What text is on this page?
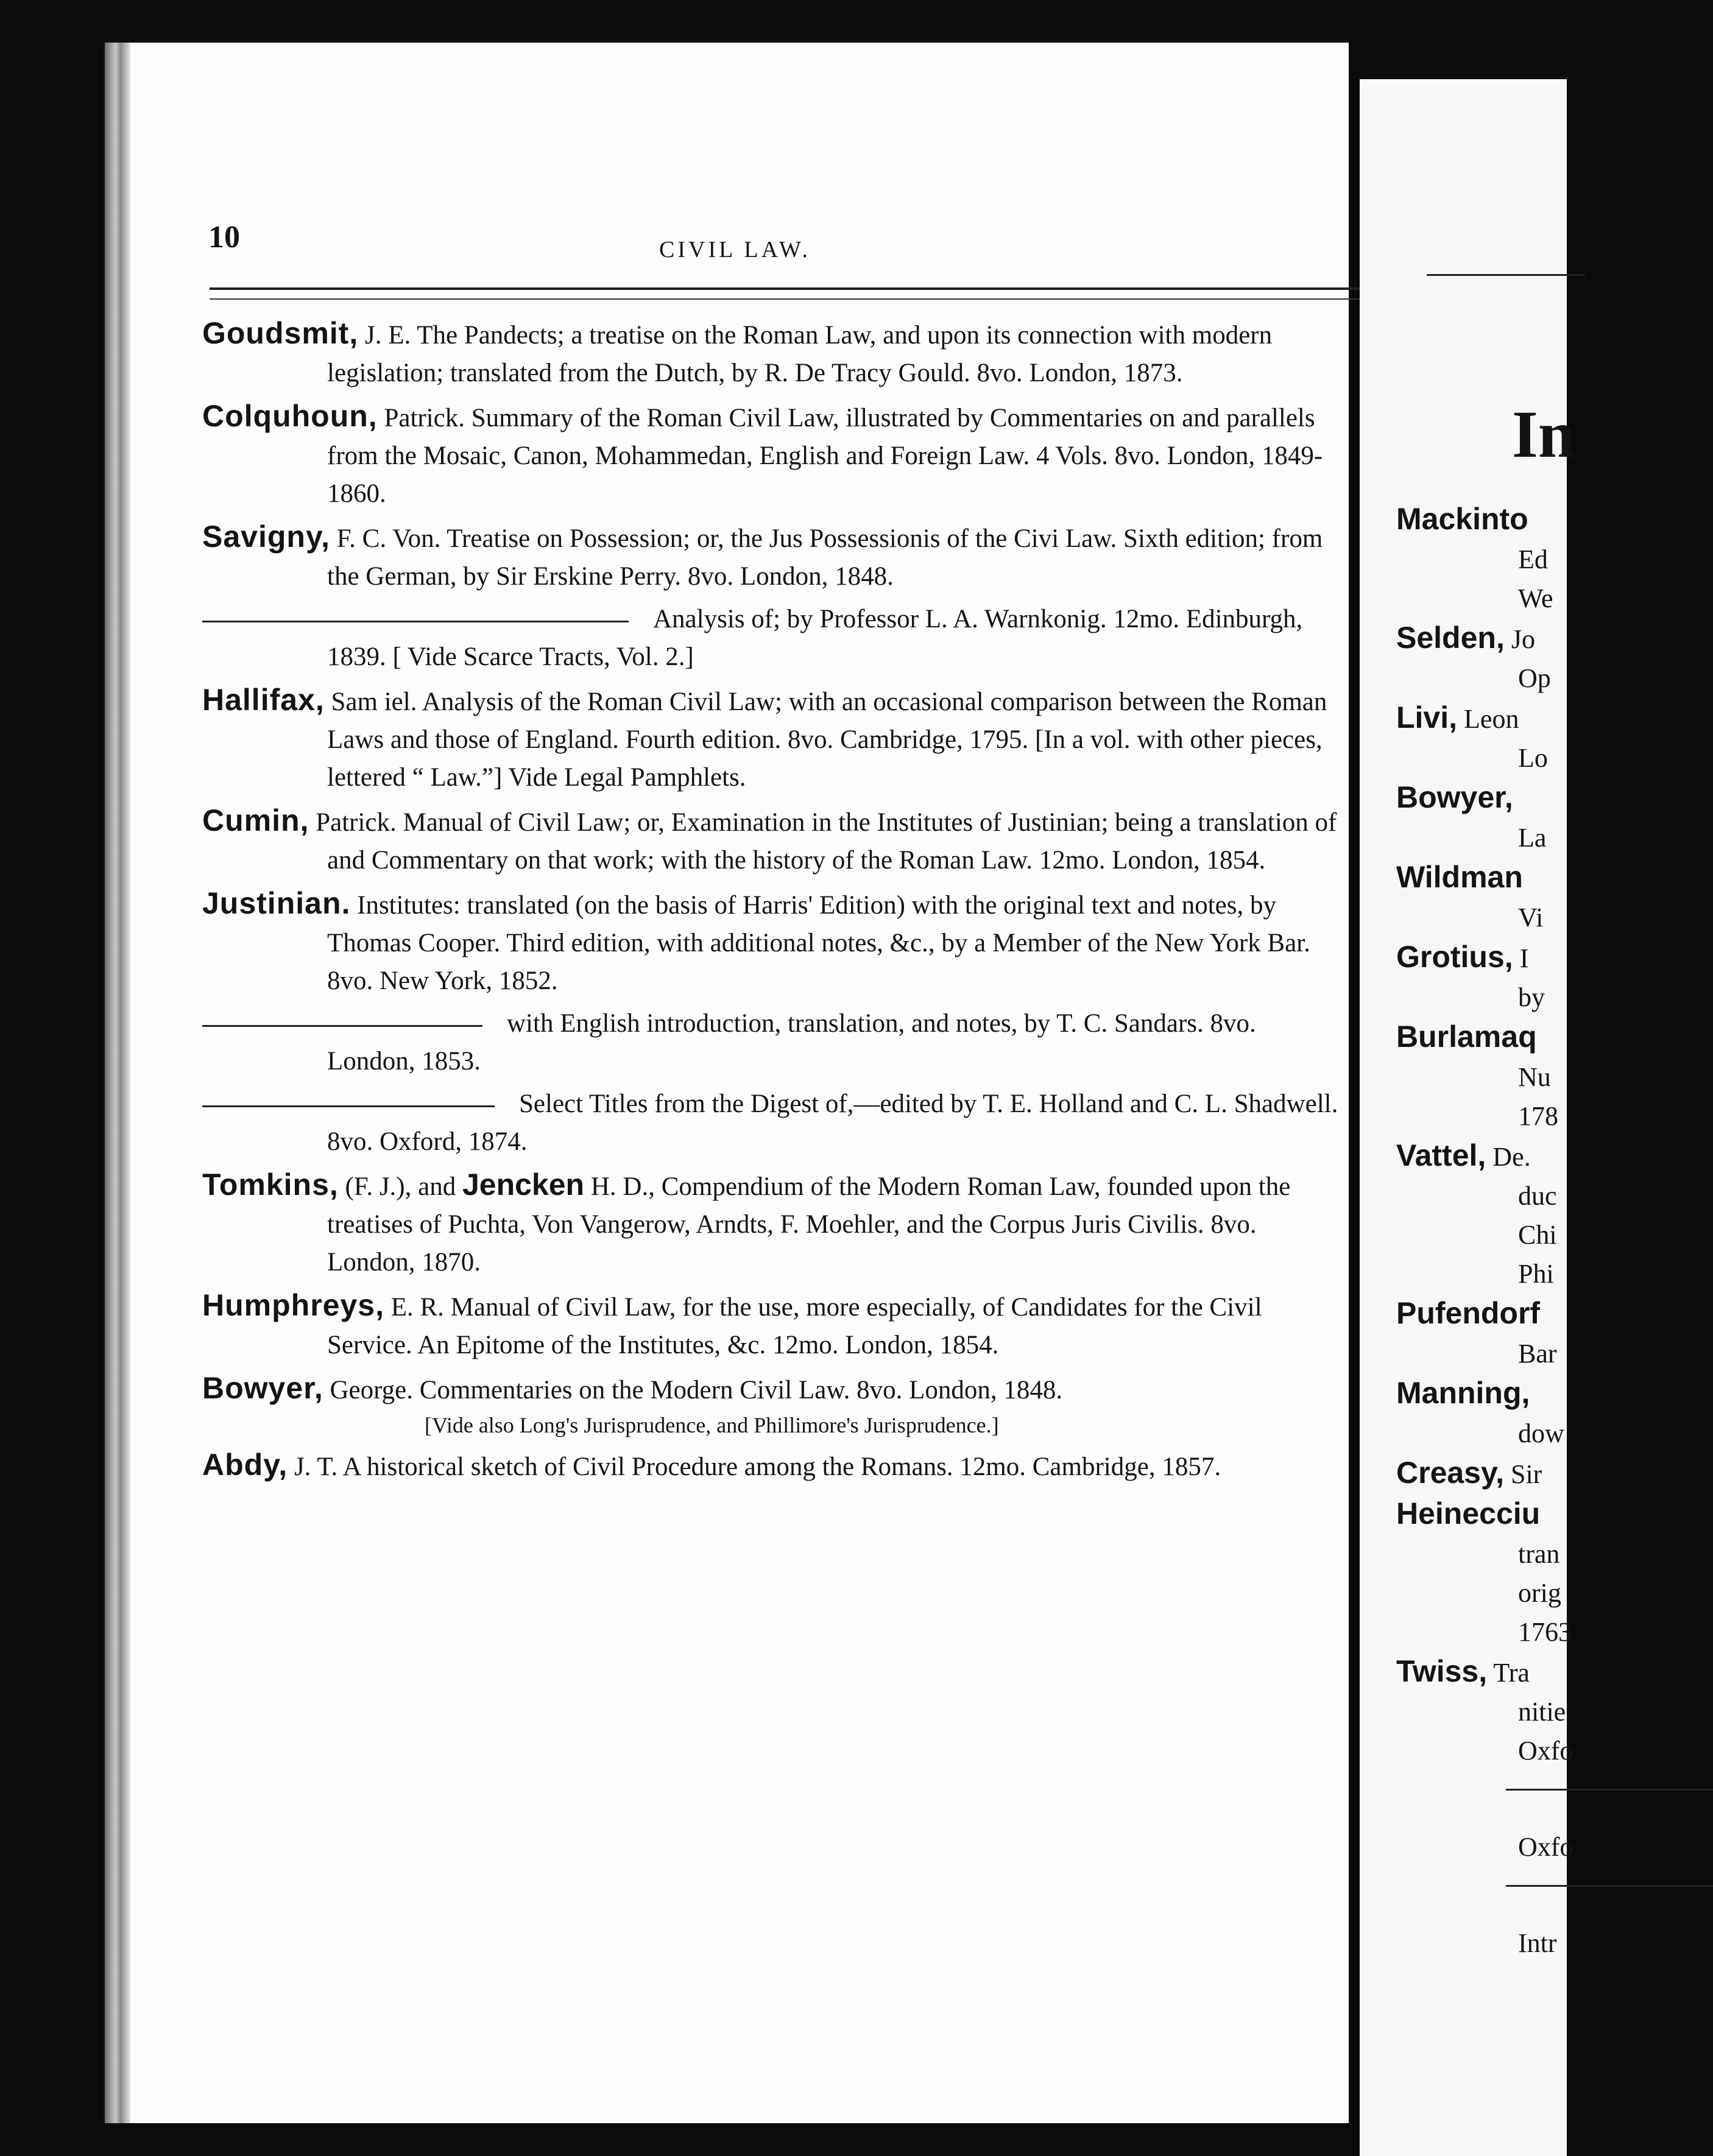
10	CIVIL LAW.

Goudsmit, J. E. The Pandects; a treatise on the Roman Law, and upon its connection with modern legislation; translated from the Dutch, by R. De Tracy Gould. 8vo. London, 1873.

Colquhoun, Patrick. Summary of the Roman Civil Law, illustrated by Commentaries on and parallels from the Mosaic, Canon, Mohammedan, English and Foreign Law. 4 Vols. 8vo. London, 1849-1860.

Savigny, F. C. Von. Treatise on Possession; or, the Jus Possessionis of the Civi Law. Sixth edition; from the German, by Sir Erskine Perry. 8vo. London, 1848.

Analysis of; by Professor L. A. Warnkonig. 12mo. Edinburgh, 1839. [ Vide Scarce Tracts, Vol. 2.]

Hallifax, Sam iel. Analysis of the Roman Civil Law; with an occasional comparison between the Roman Laws and those of England. Fourth edition. 8vo. Cambridge, 1795. [In a vol. with other pieces, lettered “ Law.”] Vide Legal Pamphlets.

Cumin, Patrick. Manual of Civil Law; or, Examination in the Institutes of Justinian; being a translation of and Commentary on that work; with the history of the Roman Law. 12mo. London, 1854.

Justinian. Institutes: translated (on the basis of Harris' Edition) with the original text and notes, by Thomas Cooper. Third edition, with additional notes, &c., by a Member of the New York Bar. 8vo. New York, 1852.

with English introduction, translation, and notes, by T. C. Sandars. 8vo. London, 1853.

Select Titles from the Digest of,—edited by T. E. Holland and C. L. Shadwell. 8vo. Oxford, 1874.

Tomkins, (F. J.), and Jencken H. D., Compendium of the Modern Roman Law, founded upon the treatises of Puchta, Von Vangerow, Arndts, F. Moehler, and the Corpus Juris Civilis. 8vo. London, 1870.

Humphreys, E. R. Manual of Civil Law, for the use, more especially, of Candidates for the Civil Service. An Epitome of the Institutes, &c. 12mo. London, 1854.

Bowyer, George. Commentaries on the Modern Civil Law. 8vo. London, 1848.
[Vide also Long's Jurisprudence, and Phillimore's Jurisprudence.]

Abdy, J. T. A historical sketch of Civil Procedure among the Romans. 12mo. Cambridge, 1857.

In
Mackinto
Ed
We
Selden, Jo
Op
Livi, Leon
Lo
Bowyer,
La
Wildman
Vi
Grotius, I
by
Burlamaq
Nu
178
Vattel, De.
duc
Chi
Phi
Pufendorf
Bar
Manning,
dow
Creasy, Sir
Heinecciu
tran
orig
1763
Twiss, Tra
nitie
Oxfo
Oxfo
Intr
